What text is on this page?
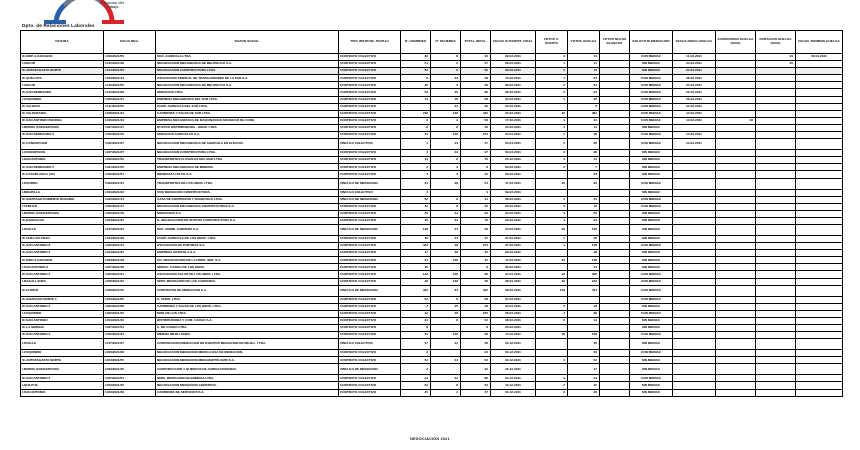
Dirección del
Trabajo
Dpto. de Relaciones Laborales
OFICINA	FOLIO NEG.	RAZON SOCIAL	TIPO INSTRUM. TRABAJ	N° HOMBRES	N° MUJERES	TOTAL INVOL.	FECHA SUSCRIPT. FINAL	VOTOS U. OFERTA	VOTOS HUELGA	VOTOS NULOS BLANCOS	SOLICITUD MEDIACION	FECHA INICIO HUELGA	SUSPENSION HUELGA (DIAS)	DURACION HUELGA (DIAS)	FECHA TERMINO HUELGA
IC-MOP-3-CARAHUE	1409/2021/55	SOC. AGRICOLA LTDA.	CONTRATO COLECTIVO	28	8	46	29-03-2021	2	14		CON MEDIAC	11-03-2021		40	30-04-2021
I-ANCUD	1412/2021/38	NEGOCIACION MECANIZADA DE MELIPEUCO S.A.	CONTRATO COLECTIVO	51	6	57	08-03-2021	1	11		SIN MEDIAC	24-03-2021		20	
IC-ANTOFAGASTA NORTE	1414/2021/53	NEGOCIACION CONSTRUCTORA LTDA.	CONTRATO COLECTIVO	52	8	56	09-03-2021	2	14		SIN MEDIAC	24-03-2021			
IC-QUILLOTA	1403/2021/14	ASOCIACION SINDICAL DE TRABAJADORES DE LA SUR S.A.	CONTRATO COLECTIVO	6	43	48	10-03-2021	1	31		CON MEDIAC	08-03-2021			
I-ANCUD	1416/2021/65	NEGOCIACION MECANIZADA DE MELIPEUCO S.A.	CONTRATO COLECTIVO	28	3	38	08-03-2021	2	24		CON MEDIAC	27-03-2021			
IC-SAN BERNARDO	1413/2021/36	SERVICIOS LTDA.	CONTRATO COLECTIVO	52	56	68	06-03-2021	2	22		CON MEDIAC	22-03-2021			
I-COQUIMBO	1406/2021/41	EMPRESA MECANIZADA DEL SUR LTDA.	CONTRATO COLECTIVO	14	18	58	23-03-2021	1	32		CON MEDIAC	23-03-2021			
IC-VALDIVIA	1411/2021/55	COOP. AGRICOLA DEL SUR LTDA.	CONTRATO COLECTIVO		24	26	20-03-2021		8		CON MEDIAC	24-03-2021			
IC-VALPARAISO	1408/2021/24	CARBONES Y SALES DE SUR LTDA.	CONTRATO COLECTIVO	248	148	432	04-03-2021	46	382		CON MEDIAC	14-03-2021			
IC-SAN ANTONIO BOUREA	1406/2021/43	EMPRESA MECANIZADA DE MAQUINARIAS SOCIEDAD DE CONS.	CONTRATO COLECTIVO	3	3	58	17-03-2021	1	34		CON MEDIAC	13-03-2021	48		
I-BIOBIO (CONCEPCION)	1407/2021/47	BUSTOS DISTRIBUIDORA - HNOS. LTDA.	CONTRATO COLECTIVO	8	8	16	24-03-2021	4	14		SIN MEDIAC				
IC-SAN BERNARDO 5	1405/2021/46	SERVICIOS AGRICOLAS S.A.	CONTRATO COLECTIVO	24	148	274	24-03-2021	1	28		CON MEDIAC	14-03-2021			
IC-CONCEPCION	1402/2021/27	NEGOCIACION MECANIZADA DE AGRICOLA EN ELECCIO.	VINCULO COLECTIVO	4	23	27	03-04-2021	2	28		CON MEDIAC	14-03-2021			
I-CONCEPCION	1407/2021/27	NEGOCIACION CONSTRUCTORA LTDA.	CONTRATO COLECTIVO	4	23	27	03-04-2021	2	28		SIN MEDIAC				
I-SAN ANTONIO	1402/2021/52	TRANSPORTES FLUVIALES DEL MAR LTDA.	CONTRATO COLECTIVO	14	8	76	24-12-2021	4	14		SIN MEDIAC				
IC-SAN BERNARDO 5	1401/2021/25	EMPRESA MECANIZADA DE MINERIA.	CONTRATO COLECTIVO	2	3	8	03-03-2021	2	7		SIN MEDIAC				
IC-CASABLANCA (XX)	1406/2021/54	MENDOZA LUIS DE S.A.	CONTRATO COLECTIVO	4	3	42	09-03-2021		23		SIN MEDIAC				
I-OSORNO	1409/2021/24	TRANSPORTES DE LOS HNOS. LTDA.	VINCULO DE MEDIACION	24	38	54	17-03-2021	42	92		CON MEDIAC				
I-MELIPILLA	1404/2021/22	VIVE MEDIACION CONSTRUCTORA.	VINCULO COLECTIVO	4		4	09-03-2021				SIN MEDIAC				
IC-SANTIAGO PONIENTE ROSARIO	1402/2021/14	CASA DE CONTRATOS Y FRANCISCO LTDA.	VINCULO DE MEDIACION	52	8	41	08-03-2021	1	24		CON MEDIAC				
I-TEMUCO	1405/2021/17	NEGOCIACION MECANIZADA CONSTRUCTORA S.A.	CONTRATO COLECTIVO	42	8	42	20-03-2021	3	12		CON MEDIAC				
I-BIOBIO (CONCEPCION)	1405/2021/18	MEDIACION S.A.	CONTRATO COLECTIVO	45	24	62	23-03-2021	4	52		SIN MEDIAC				
IC-RANCAGUA	1403/2021/44	G. NEGOCIACION DE BUSTOS CONSTRUCTORA S.A.	CONTRATO COLECTIVO	45	24	70	29-03-2021	4	24		SIN MEDIAC				
I-OVALLE	1417/2021/24	MAY. ADMIN. CARRERA S.A.	VINCULO DE MEDIACION	148	24	58	24-03-2021	46	148		SIN MEDIAC				
IC-CHILLAN VIEJO	1404/2021/38	COOP. AGRICOLA DE LOS HNOS. LTDA.	CONTRATO COLECTIVO	48	44	47	27-03-2021	1	58		SIN MEDIAC				
IC-SAN ANTONIO 8	1402/2021/14	ASOCIACION DE PARTIDAS S.A.	CONTRATO COLECTIVO	422	48	274	27-03-2021	1	148		CON MEDIAC				
IC-SAN ANTONIO 5	1404/2021/44	EMPRESA AGRICOLA S.A.	CONTRATO COLECTIVO	47	48	42	09-03-2021		48		SIN MEDIAC				
IC-MOP-3-CARAHUE	1403/2021/48	CO. NEGOCIACION DE LA HNOS. SER. S.A.	CONTRATO COLECTIVO	24	148	47	17-03-2021	46	148		SIN MEDIAC				
I-SAN ANTONIO 8	1407/2021/48	SERVIC. CARGO DE LOS HNOS.	CONTRATO COLECTIVO	45		8	06-03-2021		44		SIN MEDIAC				
IC-SAN ANTONIO 5	1405/2021/24	ASOCIACION SALUD DE LOS HNOS. LTDA.	CONTRATO COLECTIVO	142	148	68	04-03-2021	42	468		CON MEDIAC				
I-MAGALLANES	1408/2021/22	SERV. MEDIACION DE LOS CARRANZA.	CONTRATO COLECTIVO	48	148	58	08-03-2021	46	242		CON MEDIAC				
IC-CURICO	1409/2021/45	CONTRATOS DE MEDIACION S.A.	VINCULO DE MEDIACION	422	84	452	08-03-2021	148	424		CON MEDIAC				
IC-SANTIAGO NORTE 1	1403/2021/55	G. HNOS. LTDA.	CONTRATO COLECTIVO	52	8	58	04-03-2021				CON MEDIAC				
IC-SAN ANTONIO 5	1402/2021/28	CARBONES Y SALES DE LOS HNOS. LTDA.	CONTRATO COLECTIVO	2	45	48	24-03-2021	2	18		SIN MEDIAC				
I-COQUIMBO	1405/2021/25	MOP. DE LOS LTDA.	CONTRATO COLECTIVO	42	48	272	08-03-2021	4	38		CON MEDIAC				
IC-SAN ANTONIO	1404/2021/26	DISTRIBUIDORA Y COM. CARGO S.A.	CONTRATO COLECTIVO	24	8	52	08-03-2021	2	14		SIN MEDIAC				
IC-LA SERENA	1407/2021/54	C. DE CARGO LTDA.	CONTRATO COLECTIVO	8		8	23-03-2021				SIN MEDIAC				
IC-SAN ANTONIO 5	1405/2021/34	MINERA MEJILLONES.	CONTRATO COLECTIVO	44	148	58	17-03-2021	46	148		CON MEDIAC				
I-OVALLE	1417/2021/27	CORPORACION MEDIACION DE EVENTOS MEDIACION DE MEJILL. LTDA.	VINCULO COLECTIVO	27	42	58	03-12-2021		45		SIN MEDIAC				
I-COQUIMBO	1406/2021/38	NEGOCIACION MEDIACION MEDIO-CASA DE MEDIACION.	CONTRATO COLECTIVO	2		22	03-12-2021		22		CON MEDIAC				
IC-ANTOFAGASTA NORTE	1404/2021/55	NEGOCIACION MEDIACION MEDI-MARTIN AMIS S.A.	CONTRATO COLECTIVO	52	24	52	03-12-2021	2	52		SIN MEDIAC				
I-BIOBIO (CONCEPCION)	1409/2021/45	CONSTRUCCION Y QUIMICOS DE AGRINA ROMANZA.	VINCULO DE MEDIACION	2		22	23-12-2021		17		SIN MEDIAC				
IC-SAN ANTONIO 5	1407/2021/54	SERV. MEDIACION DE ENERGIA LTDA.	CONTRATO COLECTIVO	44	42	88	24-12-2021	4	34		CON MEDIAC				
I-QUILPUE	1403/2021/45	NEGOCIACION MEDIACION CONSTRUC.	CONTRATO COLECTIVO	52	8	52	13-12-2021	2	42		SIN MEDIAC				
I-SAN ANTONIO	1403/2021/48	CARBONES DE SERVICIOS S.A.	CONTRATO COLECTIVO	45	2	27	03-12-2021	2	28		SIN MEDIAC				
NEGOCIACIÓN 2021
